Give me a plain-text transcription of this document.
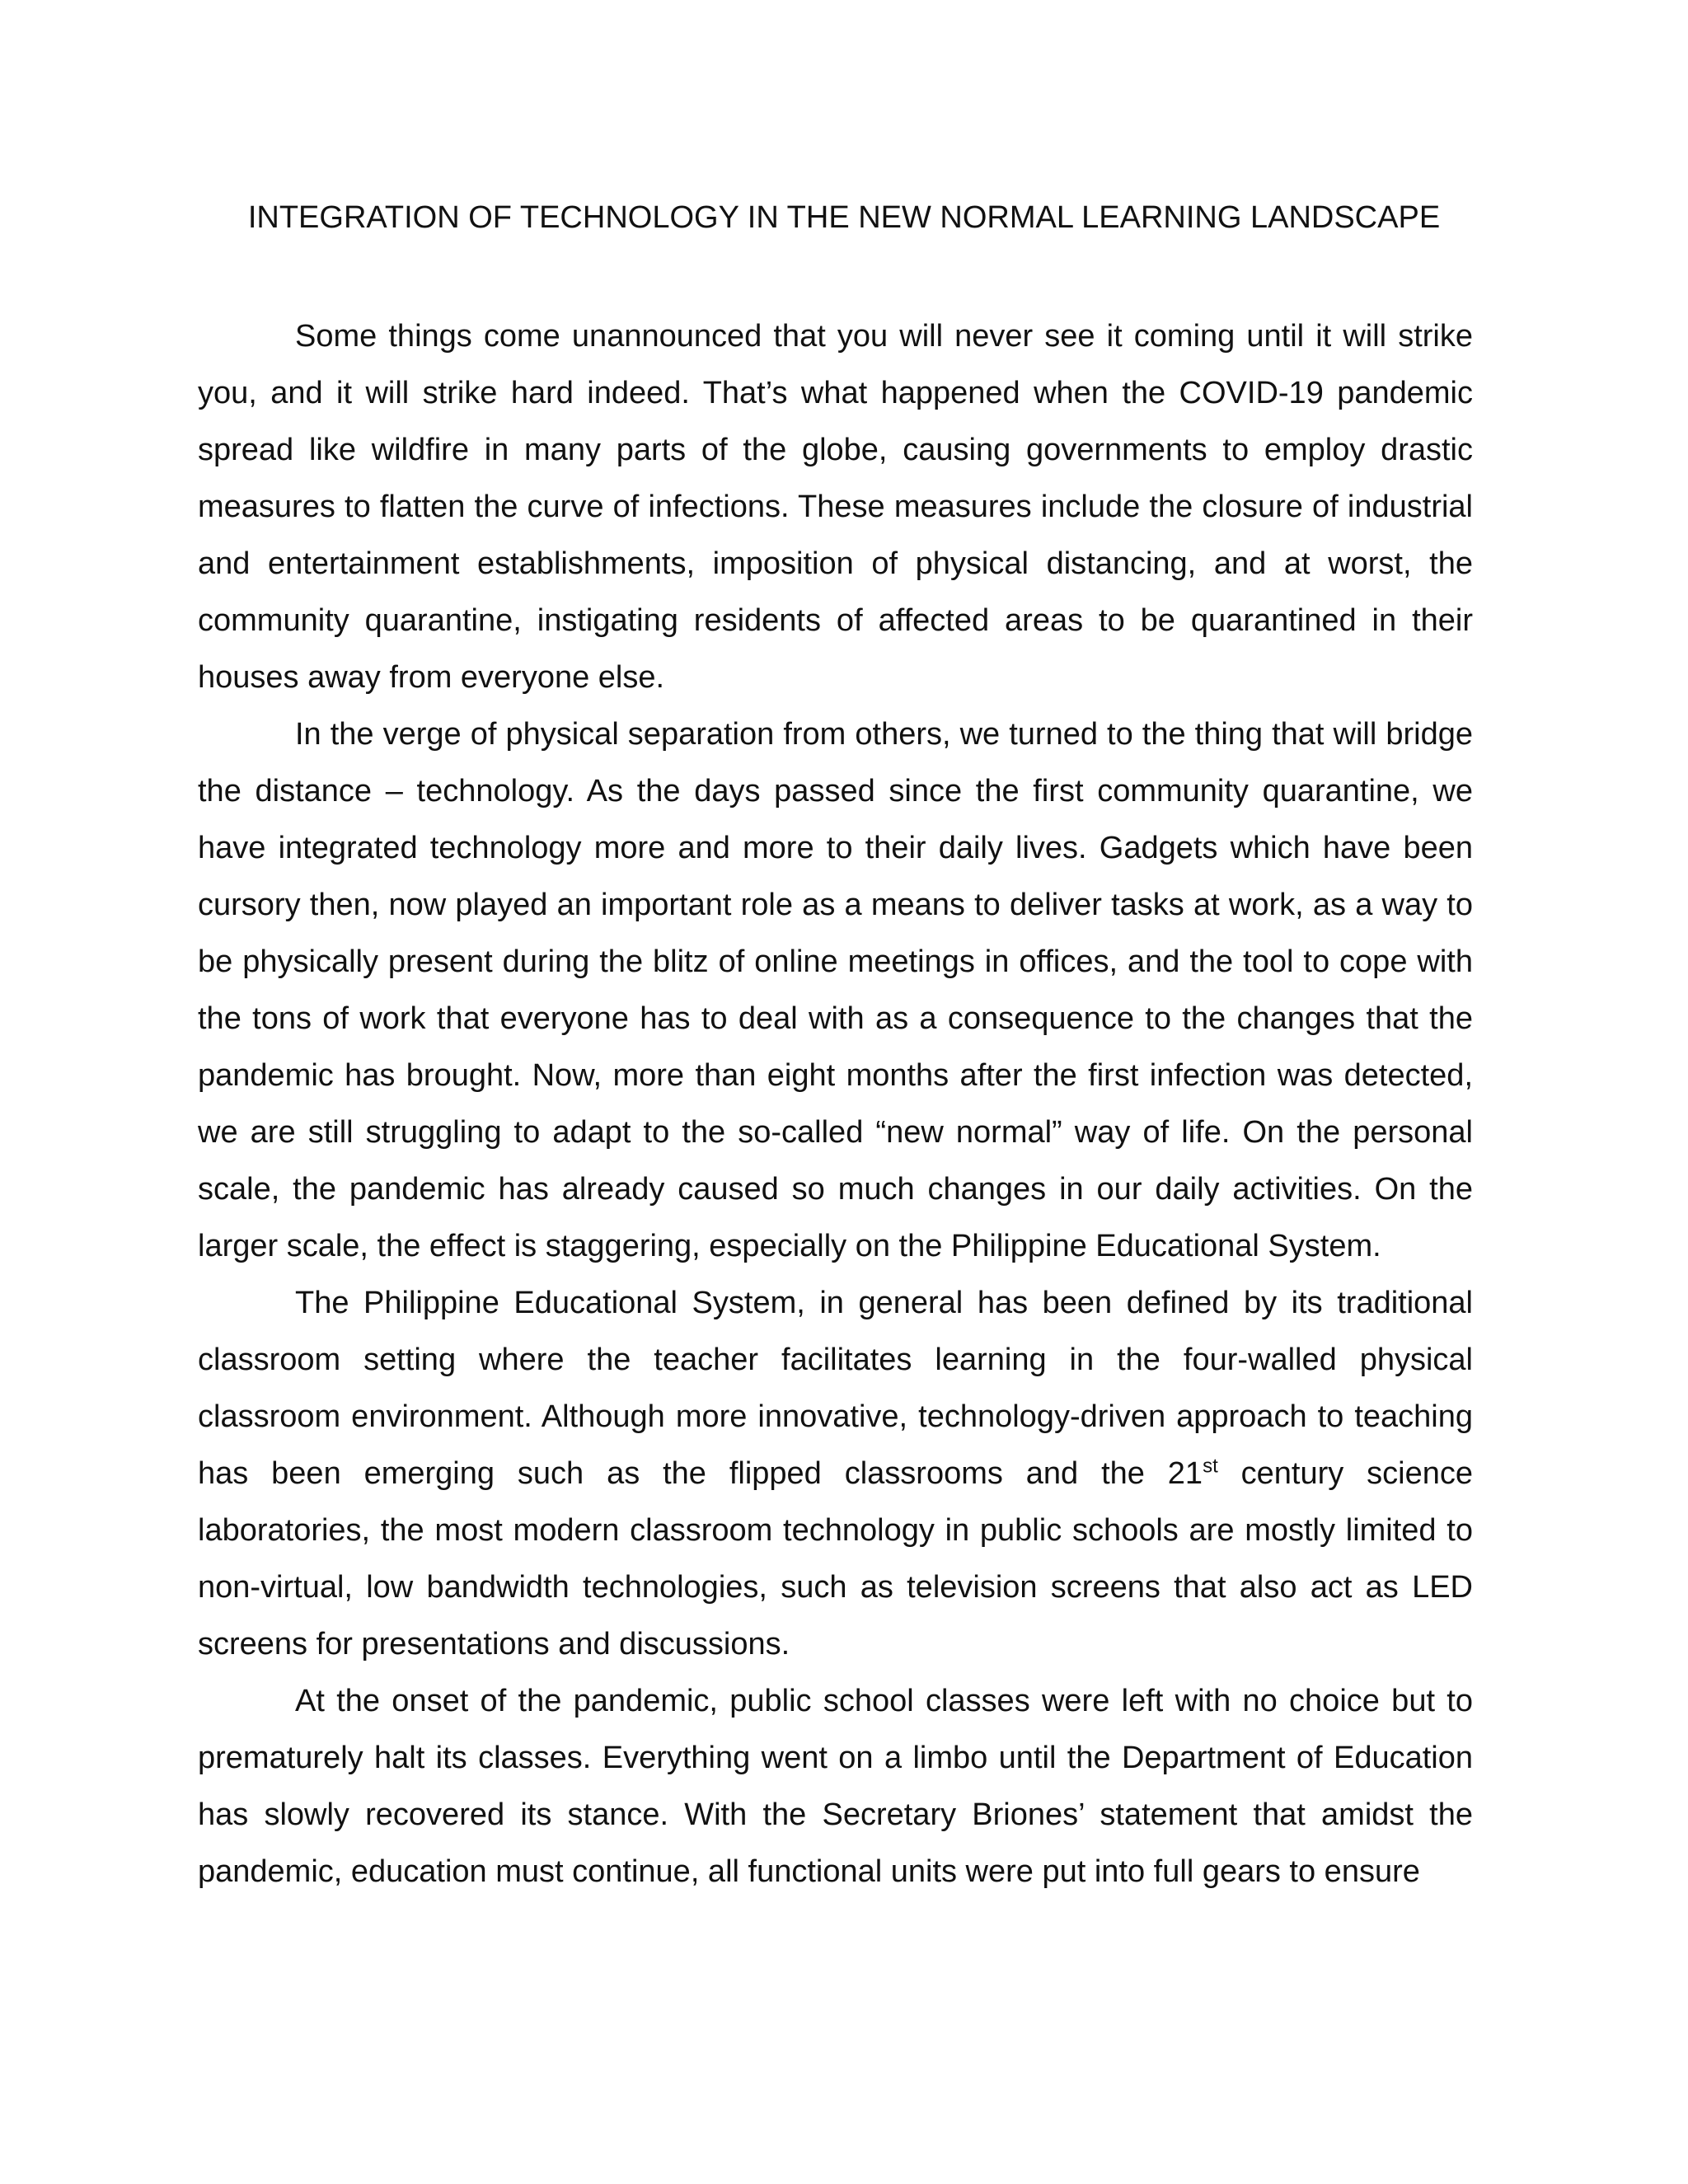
INTEGRATION OF TECHNOLOGY IN THE NEW NORMAL LEARNING LANDSCAPE

Some things come unannounced that you will never see it coming until it will strike you, and it will strike hard indeed. That’s what happened when the COVID-19 pandemic spread like wildfire in many parts of the globe, causing governments to employ drastic measures to flatten the curve of infections. These measures include the closure of industrial and entertainment establishments, imposition of physical distancing, and at worst, the community quarantine, instigating residents of affected areas to be quarantined in their houses away from everyone else.

In the verge of physical separation from others, we turned to the thing that will bridge the distance – technology. As the days passed since the first community quarantine, we have integrated technology more and more to their daily lives. Gadgets which have been cursory then, now played an important role as a means to deliver tasks at work, as a way to be physically present during the blitz of online meetings in offices, and the tool to cope with the tons of work that everyone has to deal with as a consequence to the changes that the pandemic has brought. Now, more than eight months after the first infection was detected, we are still struggling to adapt to the so-called “new normal” way of life. On the personal scale, the pandemic has already caused so much changes in our daily activities. On the larger scale, the effect is staggering, especially on the Philippine Educational System.

The Philippine Educational System, in general has been defined by its traditional classroom setting where the teacher facilitates learning in the four-walled physical classroom environment. Although more innovative, technology-driven approach to teaching has been emerging such as the flipped classrooms and the 21st century science laboratories, the most modern classroom technology in public schools are mostly limited to non-virtual, low bandwidth technologies, such as television screens that also act as LED screens for presentations and discussions.

At the onset of the pandemic, public school classes were left with no choice but to prematurely halt its classes. Everything went on a limbo until the Department of Education has slowly recovered its stance. With the Secretary Briones’ statement that amidst the pandemic, education must continue, all functional units were put into full gears to ensure
